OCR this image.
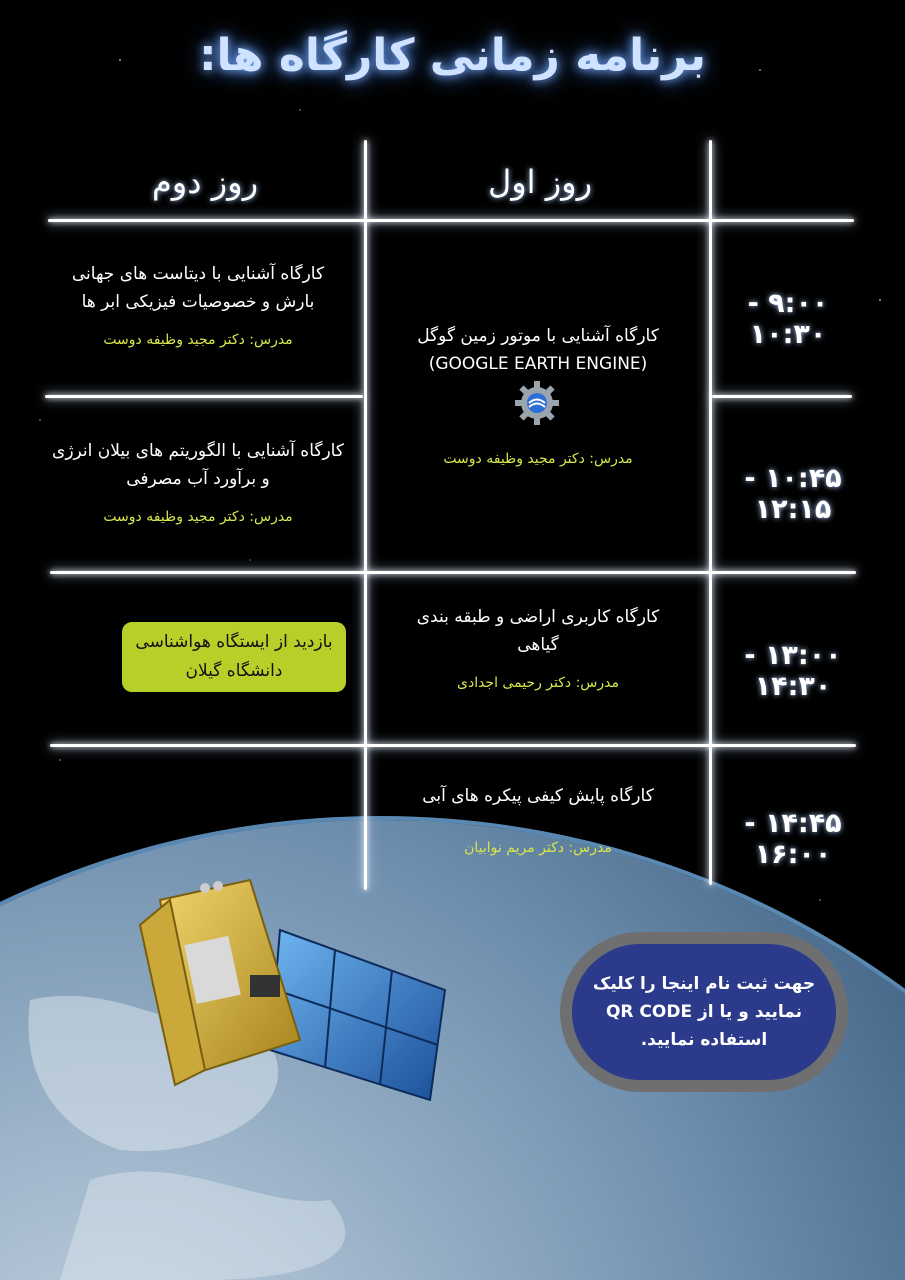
برنامه زمانی کارگاه ها:
روز دوم	روز اول
۹:۰۰ - ۱۰:۳۰
۱۰:۴۵ - ۱۲:۱۵
۱۳:۰۰ - ۱۴:۳۰
۱۴:۴۵ - ۱۶:۰۰
کارگاه آشنایی با دیتاست های جهانی بارش و خصوصیات فیزیکی ابر ها
مدرس: دکتر مجید وظیفه دوست
کارگاه آشنایی با الگوریتم های بیلان انرژی و برآورد آب مصرفی
مدرس: دکتر مجید وظیفه دوست
بازدید از ایستگاه هواشناسی دانشگاه گیلان
کارگاه آشنایی با موتور زمین گوگل
(GOOGLE EARTH ENGINE)
مدرس: دکتر مجید وظیفه دوست
کارگاه کاربری اراضی و طبقه بندی گیاهی
مدرس: دکتر رحیمی اجدادی
کارگاه پایش کیفی پیکره های آبی
مدرس: دکتر مریم نوابیان
جهت ثبت نام اینجا را کلیک نمایید و یا از QR CODE استفاده نمایید.
